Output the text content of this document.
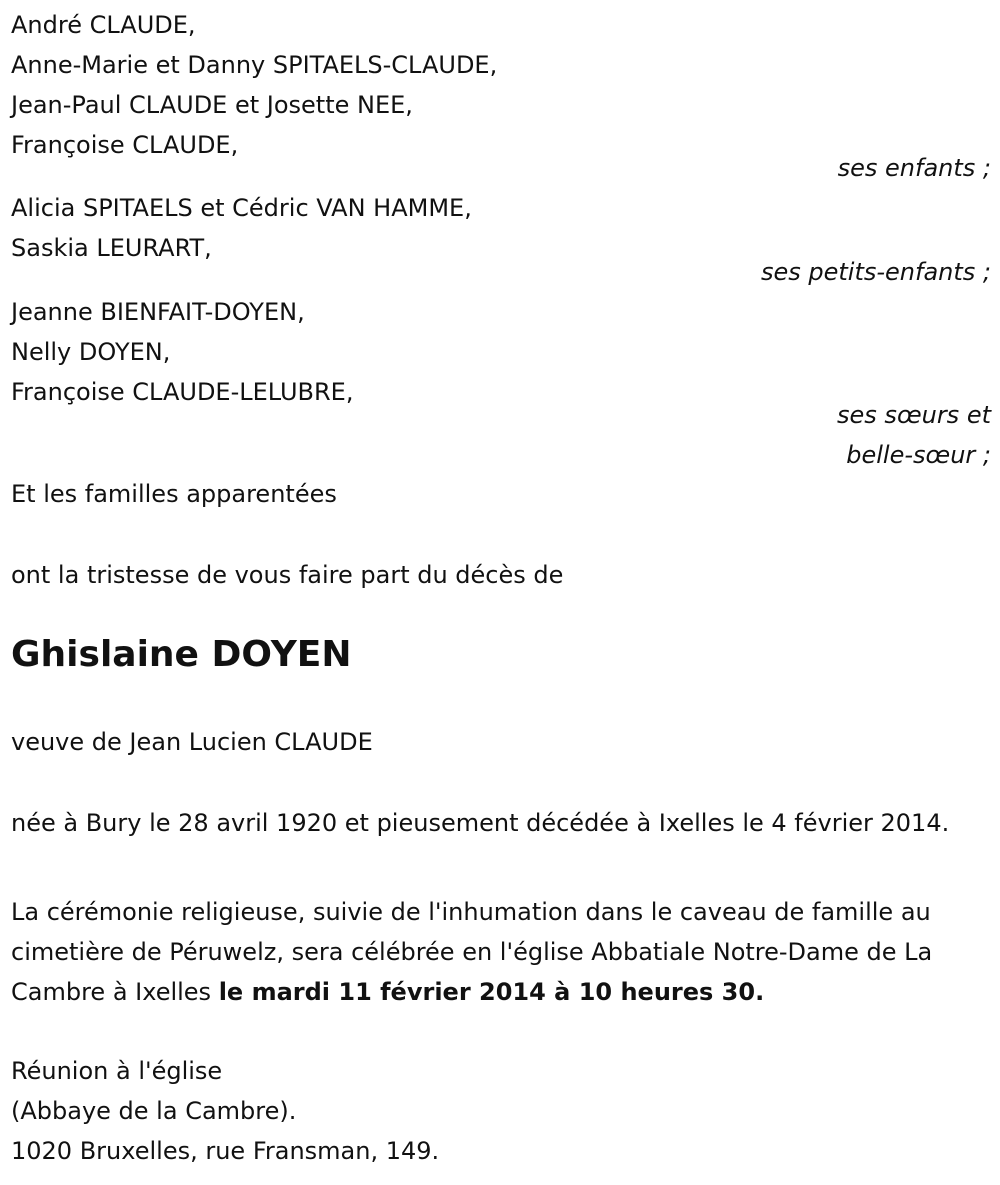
André CLAUDE,
Anne-Marie et Danny SPITAELS-CLAUDE,
Jean-Paul CLAUDE et Josette NEE,
Françoise CLAUDE,
ses enfants ;
Alicia SPITAELS et Cédric VAN HAMME,
Saskia LEURART,
ses petits-enfants ;
Jeanne BIENFAIT-DOYEN,
Nelly DOYEN,
Françoise CLAUDE-LELUBRE,
ses sœurs et
belle-sœur ;
Et les familles apparentées
ont la tristesse de vous faire part du décès de
Ghislaine DOYEN
veuve de Jean Lucien CLAUDE
née à Bury le 28 avril 1920 et pieusement décédée à Ixelles le 4 février 2014.
La cérémonie religieuse, suivie de l'inhumation dans le caveau de famille au cimetière de Péruwelz, sera célébrée en l'église Abbatiale Notre-Dame de La Cambre à Ixelles le mardi 11 février 2014 à 10 heures 30.
Réunion à l'église
(Abbaye de la Cambre).
1020 Bruxelles, rue Fransman, 149.
